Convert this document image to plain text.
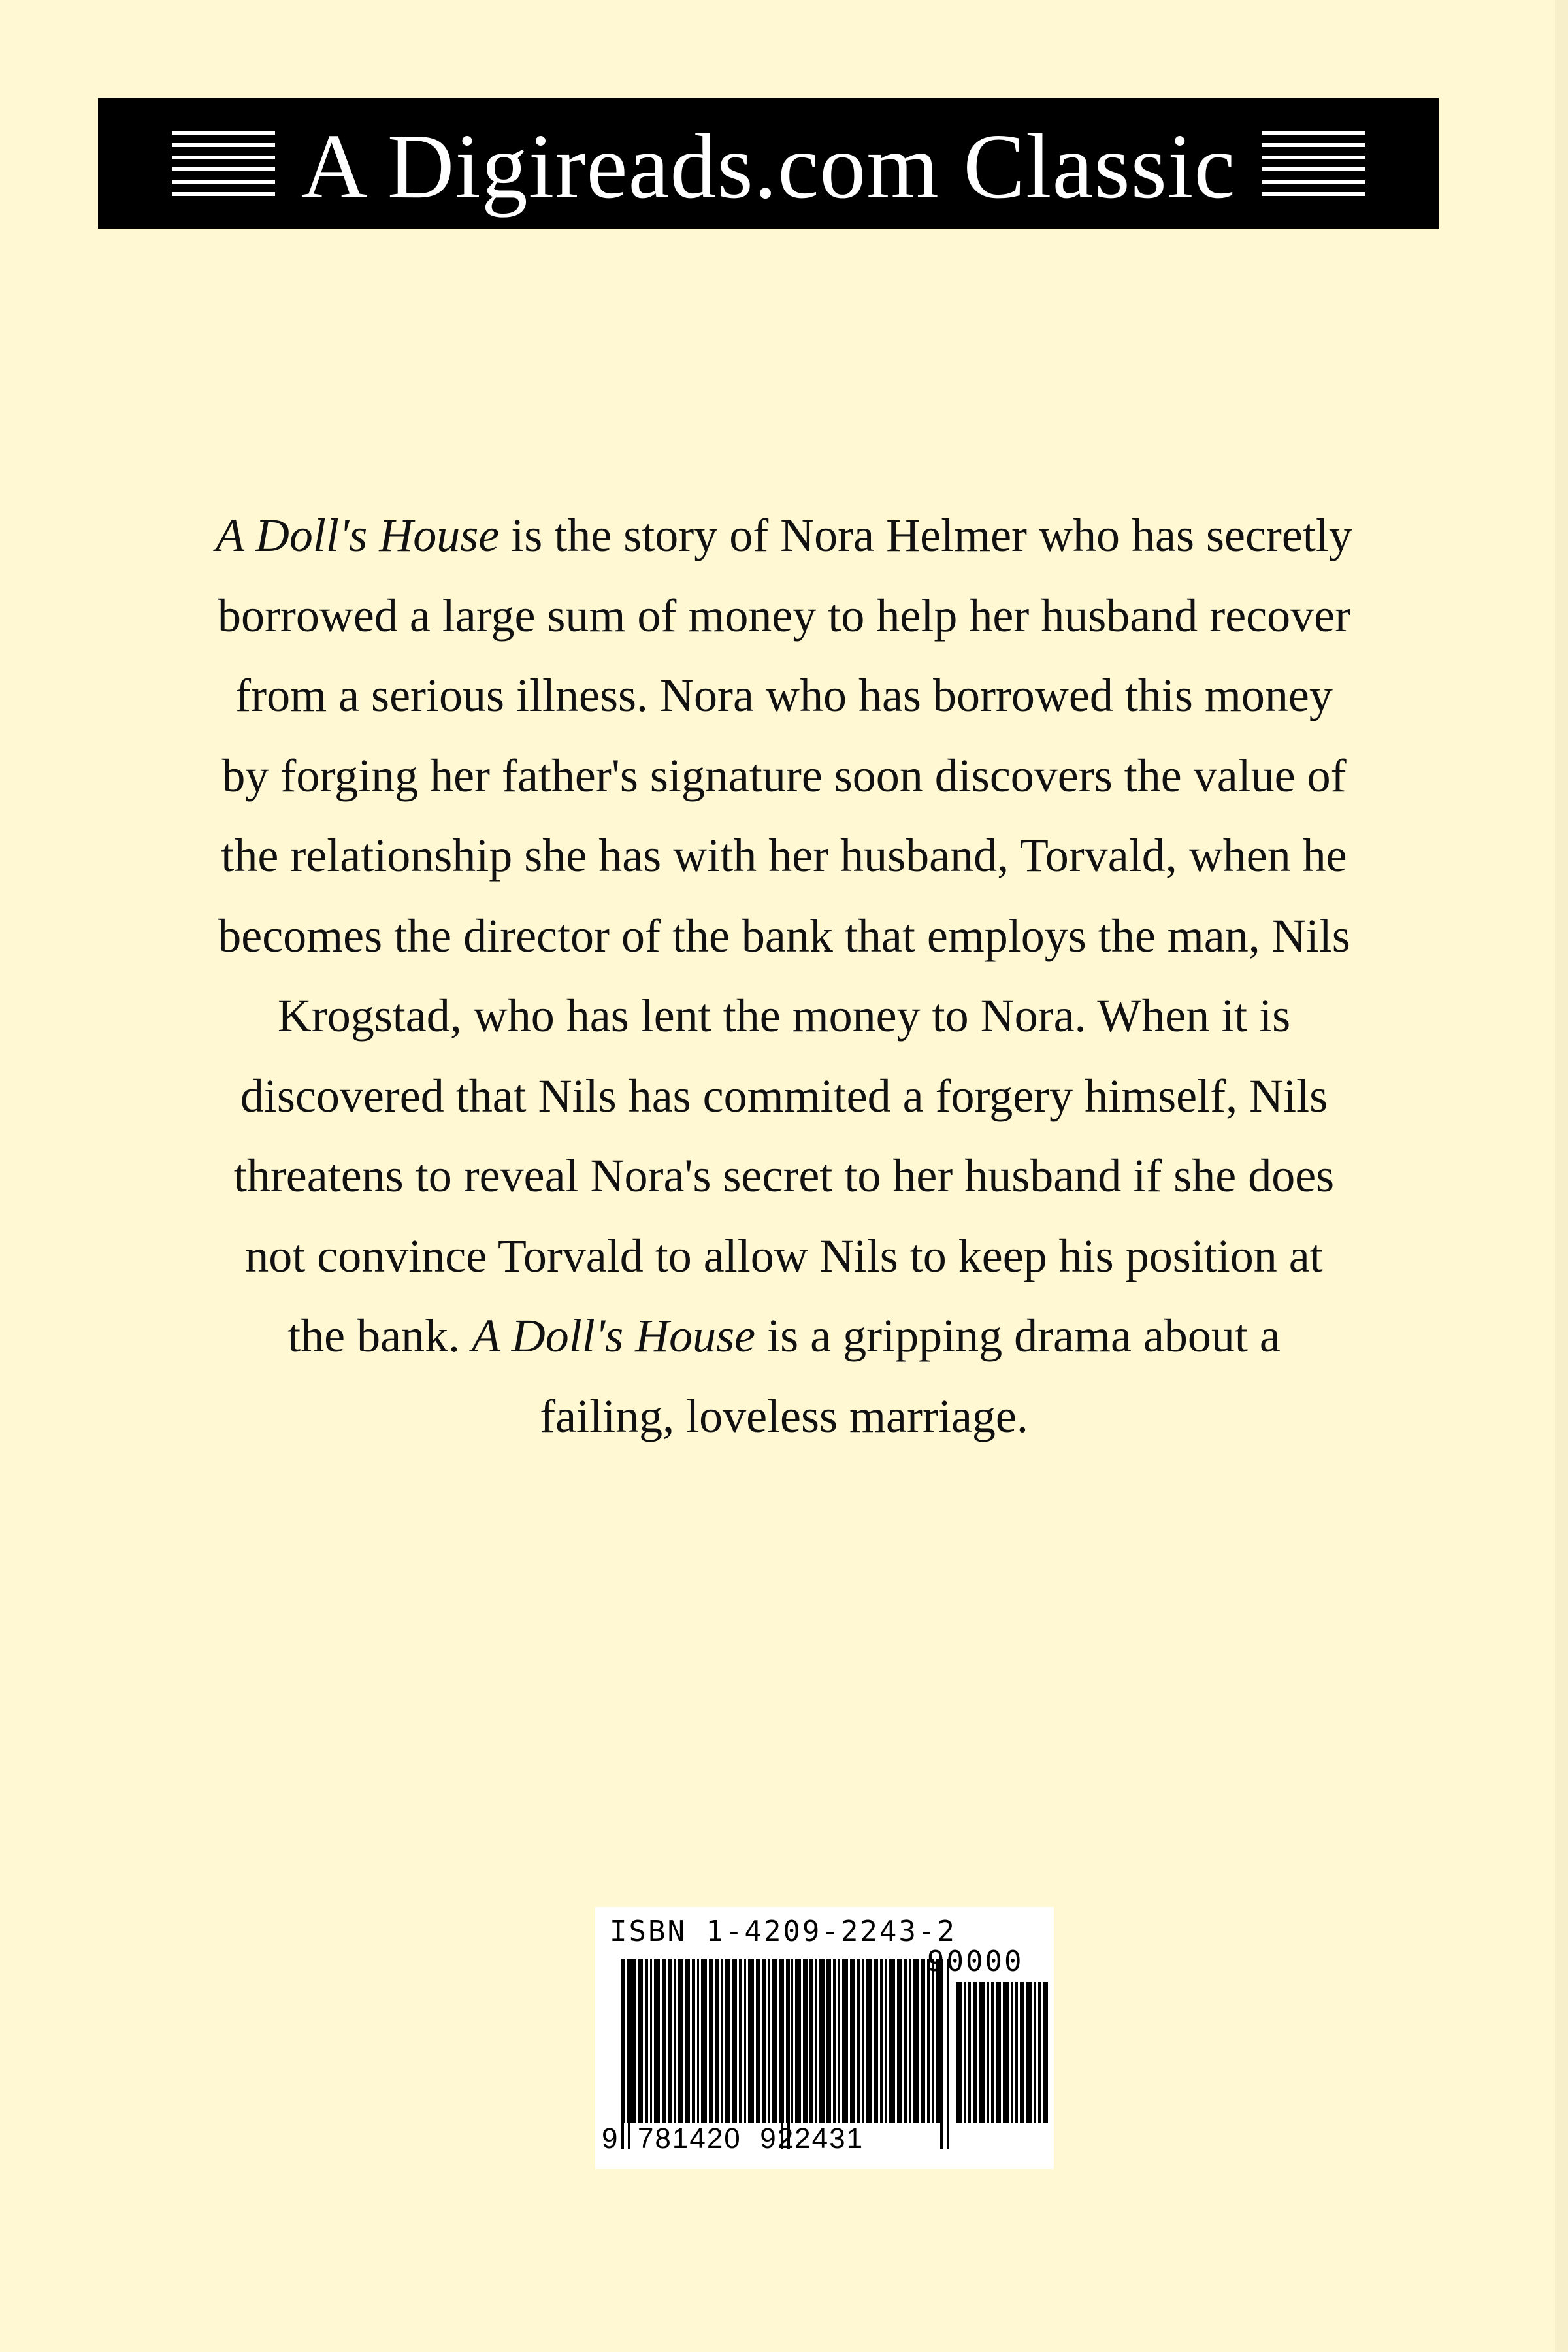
A Digireads.com Classic

A Doll's House is the story of Nora Helmer who has secretly borrowed a large sum of money to help her husband recover from a serious illness. Nora who has borrowed this money by forging her father's signature soon discovers the value of the relationship she has with her husband, Torvald, when he becomes the director of the bank that employs the man, Nils Krogstad, who has lent the money to Nora. When it is discovered that Nils has commited a forgery himself, Nils threatens to reveal Nora's secret to her husband if she does not convince Torvald to allow Nils to keep his position at the bank. A Doll's House is a gripping drama about a failing, loveless marriage.

ISBN 1-4209-2243-2
90000
9 781420 922431
